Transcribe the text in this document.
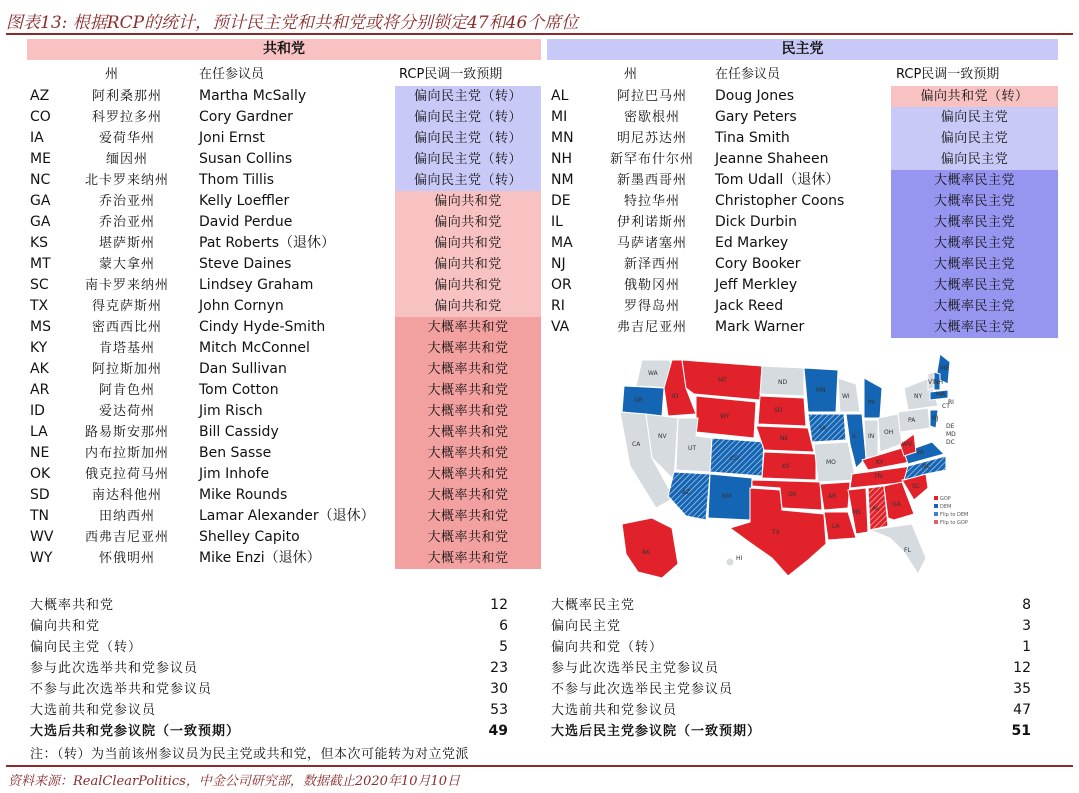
图表13: 根据RCP的统计，预计民主党和共和党或将分别锁定47和46个席位
共和党	民主党
州	在任参议员	RCP民调一致预期	州	在任参议员	RCP民调一致预期
AZ	阿利桑那州	Martha McSally	偏向民主党（转）
CO	科罗拉多州	Cory Gardner	偏向民主党（转）
IA	爱荷华州	Joni Ernst	偏向民主党（转）
ME	缅因州	Susan Collins	偏向民主党（转）
NC	北卡罗来纳州	Thom Tillis	偏向民主党（转）
GA	乔治亚州	Kelly Loeffler	偏向共和党
GA	乔治亚州	David Perdue	偏向共和党
KS	堪萨斯州	Pat Roberts（退休）	偏向共和党
MT	蒙大拿州	Steve Daines	偏向共和党
SC	南卡罗来纳州	Lindsey Graham	偏向共和党
TX	得克萨斯州	John Cornyn	偏向共和党
MS	密西西比州	Cindy Hyde-Smith	大概率共和党
KY	肯塔基州	Mitch McConnel	大概率共和党
AK	阿拉斯加州	Dan Sullivan	大概率共和党
AR	阿肯色州	Tom Cotton	大概率共和党
ID	爱达荷州	Jim Risch	大概率共和党
LA	路易斯安那州	Bill Cassidy	大概率共和党
NE	内布拉斯加州	Ben Sasse	大概率共和党
OK	俄克拉荷马州	Jim Inhofe	大概率共和党
SD	南达科他州	Mike Rounds	大概率共和党
TN	田纳西州	Lamar Alexander（退休）	大概率共和党
WV	西弗吉尼亚州	Shelley Capito	大概率共和党
WY	怀俄明州	Mike Enzi（退休）	大概率共和党
AL	阿拉巴马州	Doug Jones	偏向共和党（转）
MI	密歇根州	Gary Peters	偏向民主党
MN	明尼苏达州	Tina Smith	偏向民主党
NH	新罕布什尔州	Jeanne Shaheen	偏向民主党
NM	新墨西哥州	Tom Udall（退休）	大概率民主党
DE	特拉华州	Christopher Coons	大概率民主党
IL	伊利诺斯州	Dick Durbin	大概率民主党
MA	马萨诸塞州	Ed Markey	大概率民主党
NJ	新泽西州	Cory Booker	大概率民主党
OR	俄勒冈州	Jeff Merkley	大概率民主党
RI	罗得岛州	Jack Reed	大概率民主党
VA	弗吉尼亚州	Mark Warner	大概率民主党
WA
OR
CA
NV
ID
MT
WY
UT
CO
AZ
NM
ND
SD
NE
KS
OK
TX
MN
IA
MO
AR
LA
WI
IL
MI
IN
OH
KY
TN
MS
AL
GA
FL
SC
NC
VA
WV
PA
NY
ME
VT
NH
MA
RI
CT
NJ
DE
MD
DC
AK
HI
GOP
DEM
Flip to DEM
Flip to GOP
大概率共和党	12
偏向共和党	6
偏向民主党（转）	5
参与此次选举共和党参议员	23
不参与此次选举共和党参议员	30
大选前共和党参议员	53
大选后共和党参议院（一致预期）	49
大概率民主党	8
偏向民主党	3
偏向共和党（转）	1
参与此次选举民主党参议员	12
不参与此次选举民主党参议员	35
大选前共和党参议员	47
大选后民主党参议院（一致预期）	51
注：（转）为当前该州参议员为民主党或共和党，但本次可能转为对立党派
资料来源：RealClearPolitics，中金公司研究部，数据截止2020年10月10日
